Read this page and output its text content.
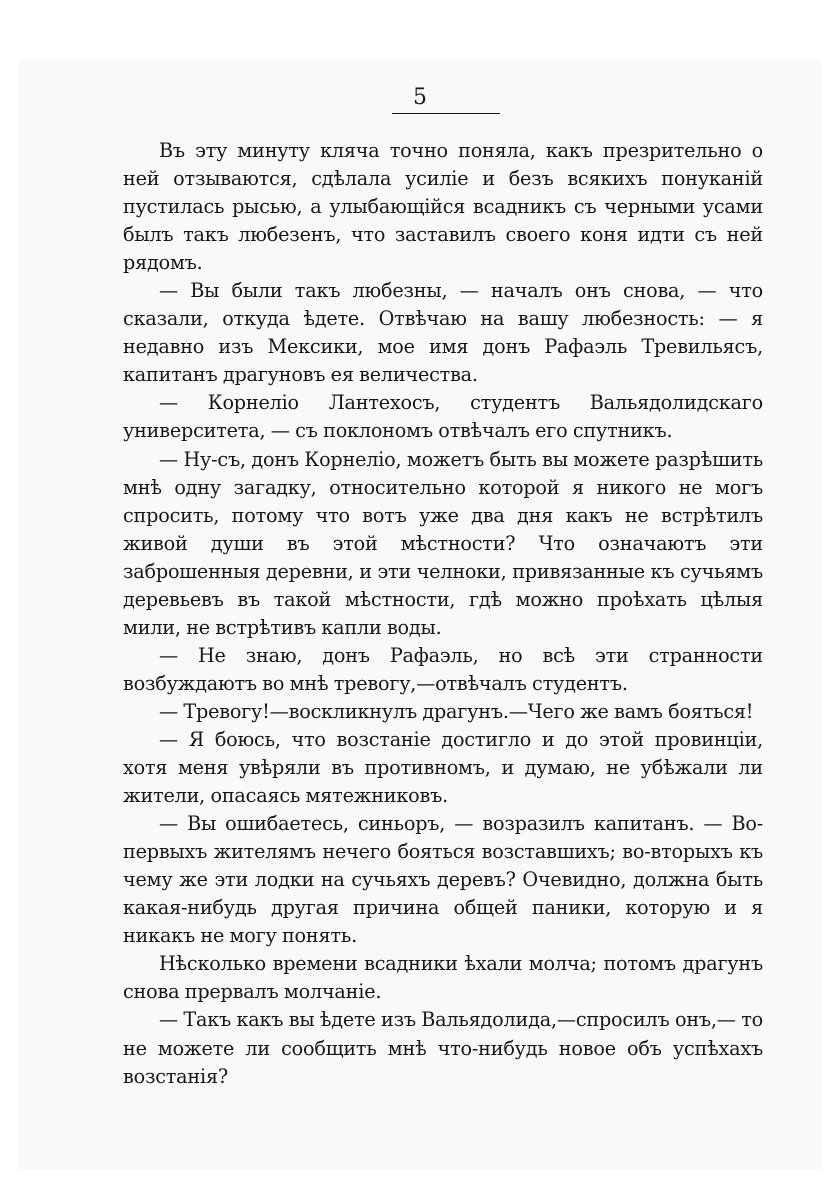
5

Въ эту минуту кляча точно поняла, какъ презрительно о ней отзываются, сдѣлала усиліе и безъ всякихъ понуканій пустилась рысью, а улыбающійся всадникъ съ черными усами былъ такъ любезенъ, что заставилъ своего коня идти съ ней рядомъ.

— Вы были такъ любезны, — началъ онъ снова, — что сказали, откуда ѣдете. Отвѣчаю на вашу любезность: — я недавно изъ Мексики, мое имя донъ Рафаэль Тревильясъ, капитанъ драгуновъ ея величества.

— Корнеліо Лантехосъ, студентъ Вальядолидскаго университета, — съ поклономъ отвѣчалъ его спутникъ.

— Ну-съ, донъ Корнеліо, можетъ быть вы можете разрѣшить мнѣ одну загадку, относительно которой я никого не могъ спросить, потому что вотъ уже два дня какъ не встрѣтилъ живой души въ этой мѣстности? Что означаютъ эти заброшенныя деревни, и эти челноки, привязанные къ сучьямъ деревьевъ въ такой мѣстности, гдѣ можно проѣхать цѣлыя мили, не встрѣтивъ капли воды.

— Не знаю, донъ Рафаэль, но всѣ эти странности возбуждаютъ во мнѣ тревогу,—отвѣчалъ студентъ.

— Тревогу!—воскликнулъ драгунъ.—Чего же вамъ бояться!

— Я боюсь, что возстаніе достигло и до этой провинціи, хотя меня увѣряли въ противномъ, и думаю, не убѣжали ли жители, опасаясь мятежниковъ.

— Вы ошибаетесь, синьоръ, — возразилъ капитанъ. — Во-первыхъ жителямъ нечего бояться возставшихъ; во-вторыхъ къ чему же эти лодки на сучьяхъ деревъ? Очевидно, должна быть какая-нибудь другая причина общей паники, которую и я никакъ не могу понять.

Нѣсколько времени всадники ѣхали молча; потомъ драгунъ снова прервалъ молчаніе.

— Такъ какъ вы ѣдете изъ Вальядолида,—спросилъ онъ,— то не можете ли сообщить мнѣ что-нибудь новое объ успѣхахъ возстанія?
